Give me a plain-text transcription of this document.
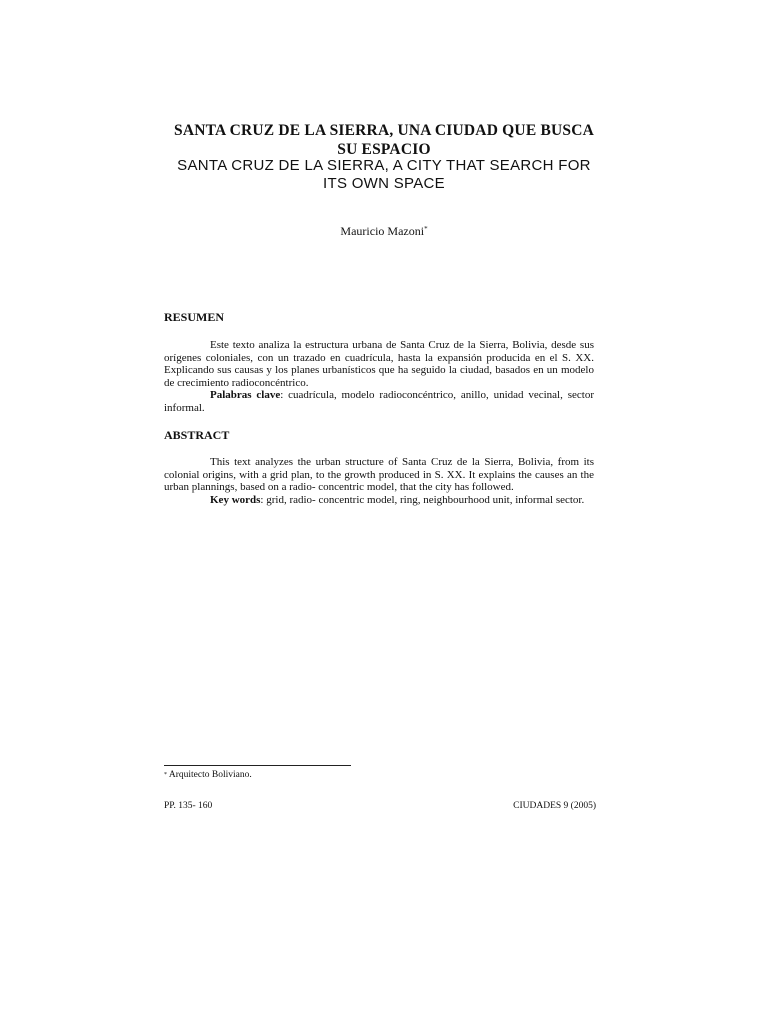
SANTA CRUZ DE LA SIERRA, UNA CIUDAD QUE BUSCA
SU ESPACIO
SANTA CRUZ DE LA SIERRA, A CITY THAT SEARCH FOR
ITS OWN SPACE
Mauricio Mazoni*
RESUMEN
Este texto analiza la estructura urbana de Santa Cruz de la Sierra, Bolivia, desde sus orígenes coloniales, con un trazado en cuadrícula, hasta la expansión producida en el S. XX. Explicando sus causas y los planes urbanísticos que ha seguido la ciudad, basados en un modelo de crecimiento radioconcéntrico.
Palabras clave: cuadrícula, modelo radioconcéntrico, anillo, unidad vecinal, sector informal.
ABSTRACT
This text analyzes the urban structure of Santa Cruz de la Sierra, Bolivia, from its colonial origins, with a grid plan, to the growth produced in S. XX. It explains the causes an the urban plannings, based on a radio- concentric model, that the city has followed.
Key words: grid, radio- concentric model, ring, neighbourhood unit, informal sector.
* Arquitecto Boliviano.
PP. 135- 160	CIUDADES 9 (2005)
